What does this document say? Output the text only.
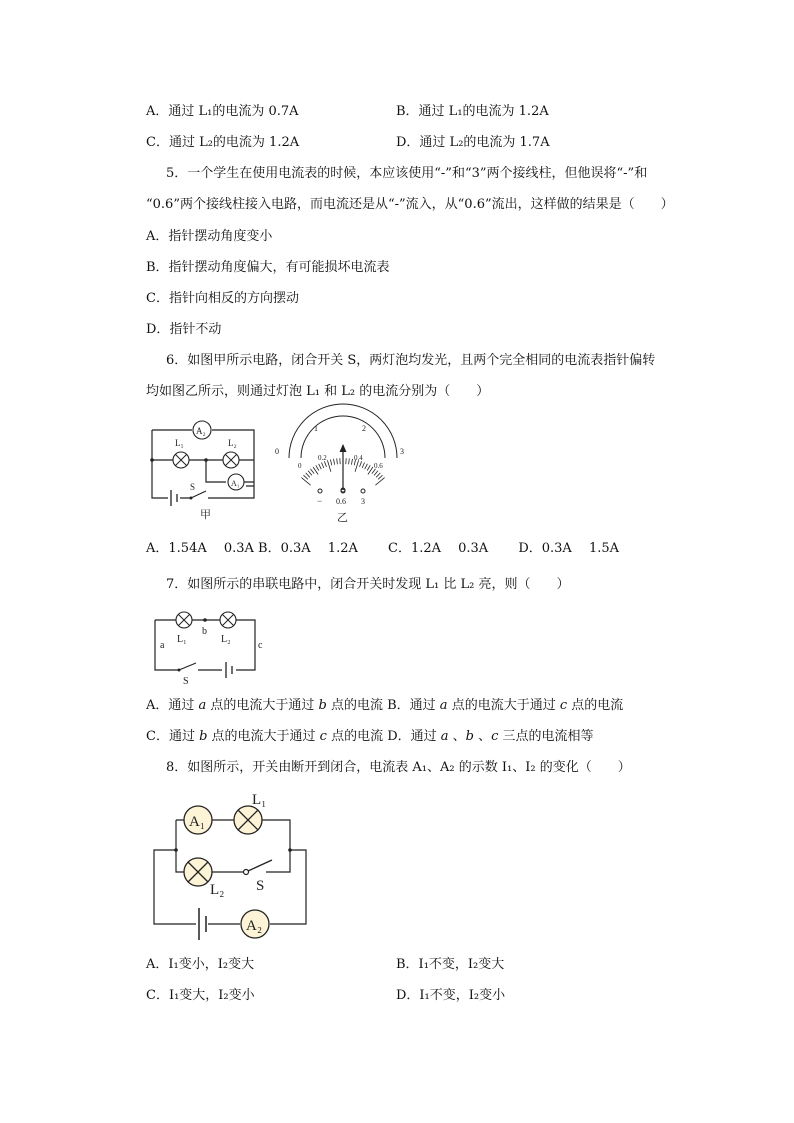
A．通过 L₁的电流为 0.7A	B．通过 L₁的电流为 1.2A
C．通过 L₂的电流为 1.2A	D．通过 L₂的电流为 1.7A
5．一个学生在使用电流表的时候，本应该使用“-”和“3”两个接线柱，但他误将“-”和
“0.6”两个接线柱接入电路，而电流还是从“-”流入，从“0.6”流出，这样做的结果是（　　）
A．指针摆动角度变小
B．指针摆动角度偏大，有可能损坏电流表
C．指针向相反的方向摆动
D．指针不动
6．如图甲所示电路，闭合开关 S，两灯泡均发光，且两个完全相同的电流表指针偏转
均如图乙所示，则通过灯泡 L₁ 和 L₂ 的电流分别为（　　）
A₂
L₁	L₂
A₁
S
甲
0
1	2
3
0
0.2	0.4
0.6
− 0.6 3
乙
A．1.54A　 0.3A B．0.3A　 1.2A　　 C．1.2A　 0.3A　　 D．0.3A　 1.5A
7．如图所示的串联电路中，闭合开关时发现 L₁ 比 L₂ 亮，则（　　）
L₁	L₂
b
a	c
S
A．通过 𝑎 点的电流大于通过 𝑏 点的电流 B．通过 𝑎 点的电流大于通过 𝑐 点的电流
C．通过 𝑏 点的电流大于通过 𝑐 点的电流 D．通过 𝑎 、𝑏 、𝑐 三点的电流相等
8．如图所示，开关由断开到闭合，电流表 A₁、A₂ 的示数 I₁、I₂ 的变化（　　）
A₁
L₁
L₂ S
A₂
A．I₁变小，I₂变大	B．I₁不变，I₂变大
C．I₁变大，I₂变小	D．I₁不变，I₂变小
